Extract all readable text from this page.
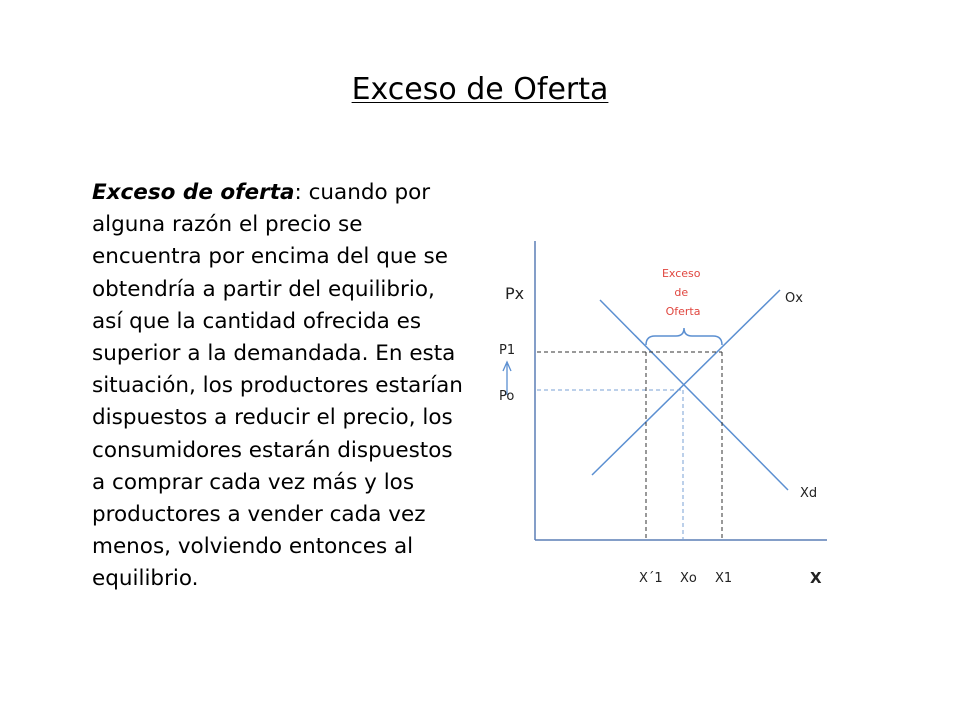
Exceso de Oferta
Exceso de oferta: cuando por alguna razón el precio se encuentra por encima del que se obtendría a partir del equilibrio, así que la cantidad ofrecida es superior a la demandada. En esta situación, los productores estarían dispuestos a reducir el precio, los consumidores estarán dispuestos a comprar cada vez más y los productores a vender cada vez menos, volviendo entonces al equilibrio.
Px	Ox
Xd
P1
Po
X´1 Xo X1	X
Exceso de Oferta
